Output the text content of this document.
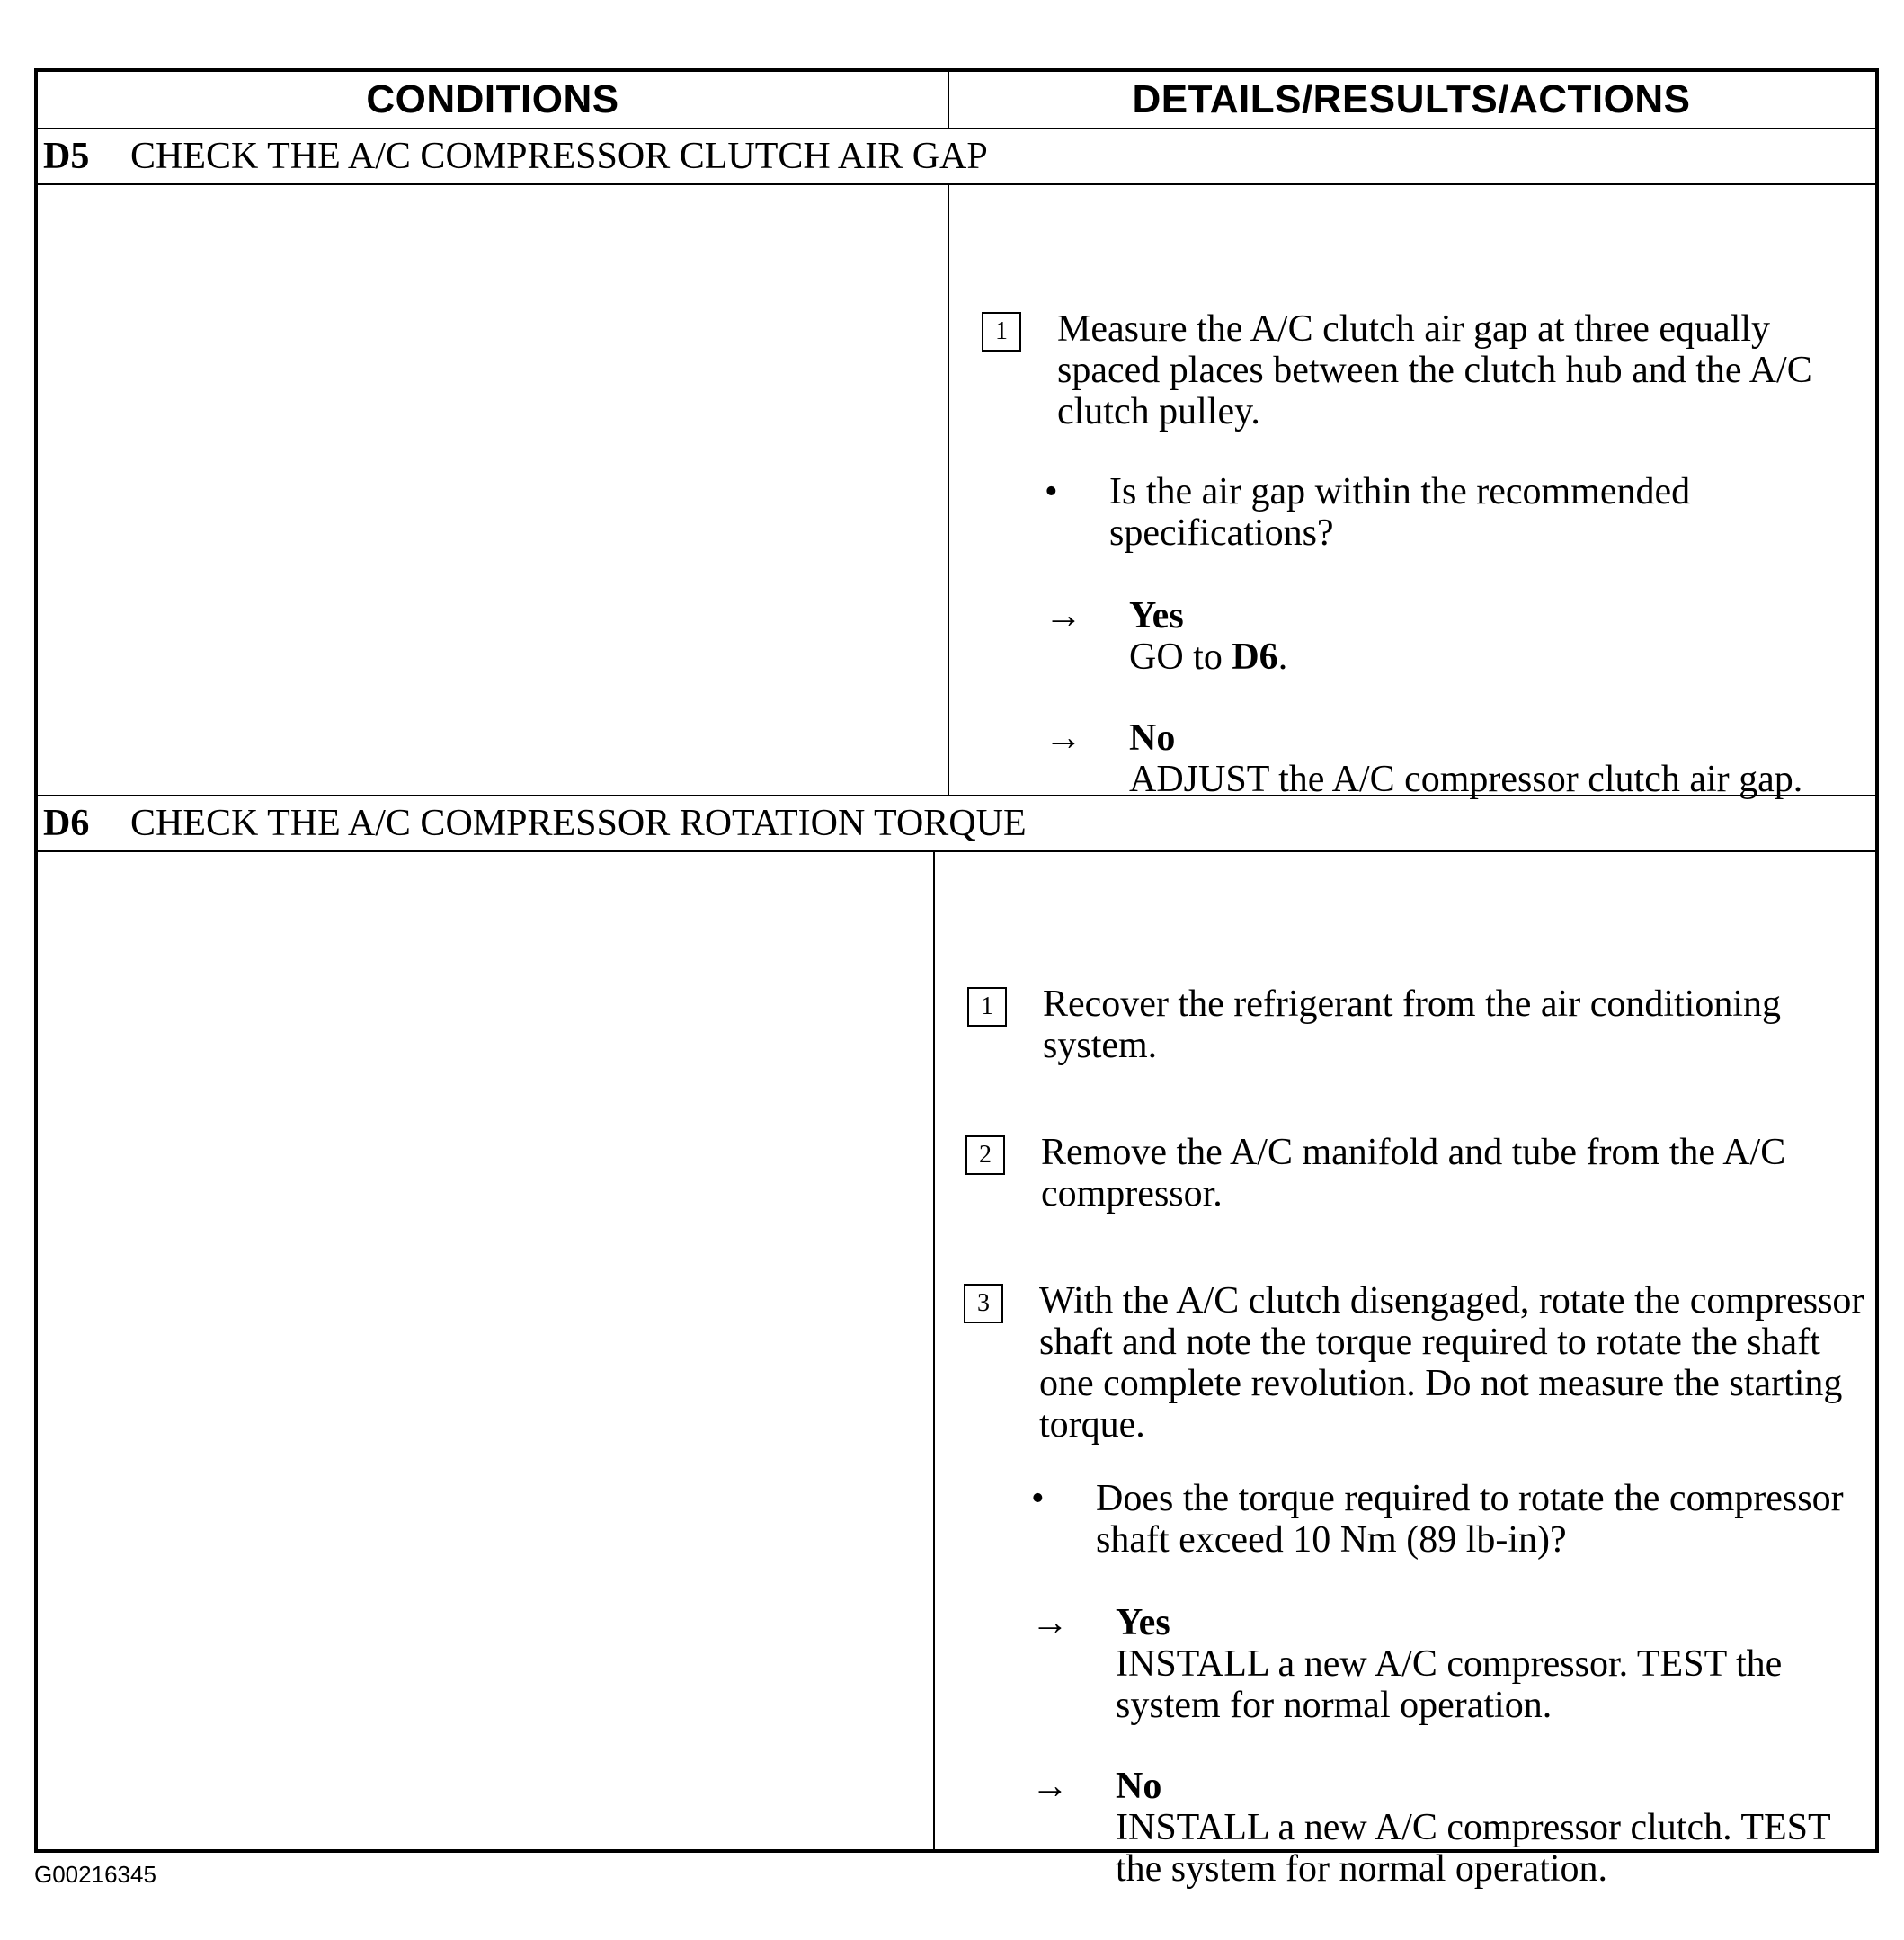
CONDITIONS	DETAILS/RESULTS/ACTIONS
D5	CHECK THE A/C COMPRESSOR CLUTCH AIR GAP
1	Measure the A/C clutch air gap at three equally spaced places between the clutch hub and the A/C clutch pulley.
•	Is the air gap within the recommended specifications?
→	Yes
GO to D6.
→	No
ADJUST the A/C compressor clutch air gap.
D6	CHECK THE A/C COMPRESSOR ROTATION TORQUE
1	Recover the refrigerant from the air conditioning system.
2	Remove the A/C manifold and tube from the A/C compressor.
3	With the A/C clutch disengaged, rotate the compressor shaft and note the torque required to rotate the shaft one complete revolution. Do not measure the starting torque.
•	Does the torque required to rotate the compressor shaft exceed 10 Nm (89 lb-in)?
→	Yes
INSTALL a new A/C compressor. TEST the system for normal operation.
→	No
INSTALL a new A/C compressor clutch. TEST the system for normal operation.
G00216345
